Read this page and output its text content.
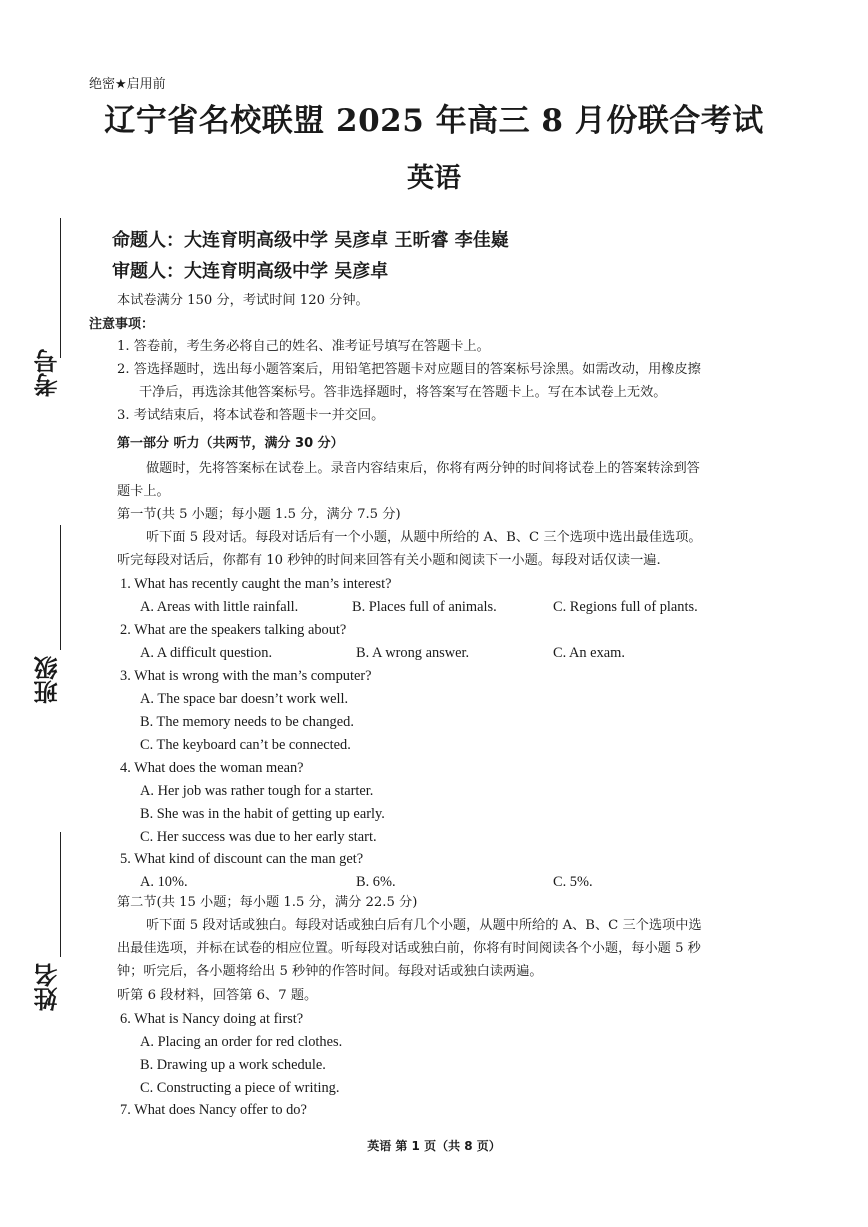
考号
班级
姓名
绝密★启用前
辽宁省名校联盟 2025 年高三 8 月份联合考试
英语
命题人：大连育明高级中学 吴彦卓 王昕睿 李佳嶷
审题人：大连育明高级中学 吴彦卓
本试卷满分 150 分，考试时间 120 分钟。
注意事项：
1. 答卷前，考生务必将自己的姓名、准考证号填写在答题卡上。
2. 答选择题时，选出每小题答案后，用铅笔把答题卡对应题目的答案标号涂黑。如需改动，用橡皮擦
干净后，再选涂其他答案标号。答非选择题时，将答案写在答题卡上。写在本试卷上无效。
3. 考试结束后，将本试卷和答题卡一并交回。
第一部分 听力（共两节，满分 30 分）
做题时，先将答案标在试卷上。录音内容结束后，你将有两分钟的时间将试卷上的答案转涂到答
题卡上。
第一节(共 5 小题；每小题 1.5 分，满分 7.5 分)
听下面 5 段对话。每段对话后有一个小题，从题中所给的 A、B、C 三个选项中选出最佳选项。
听完每段对话后，你都有 10 秒钟的时间来回答有关小题和阅读下一小题。每段对话仅读一遍.
1. What has recently caught the man’s interest?
A. Areas with little rainfall.	B. Places full of animals.	C. Regions full of plants.
2. What are the speakers talking about?
A. A difficult question.	B. A wrong answer.	C. An exam.
3. What is wrong with the man’s computer?
A. The space bar doesn’t work well.
B. The memory needs to be changed.
C. The keyboard can’t be connected.
4. What does the woman mean?
A. Her job was rather tough for a starter.
B. She was in the habit of getting up early.
C. Her success was due to her early start.
5. What kind of discount can the man get?
A. 10%.	B. 6%.	C. 5%.
第二节(共 15 小题；每小题 1.5 分，满分 22.5 分)
听下面 5 段对话或独白。每段对话或独白后有几个小题，从题中所给的 A、B、C 三个选项中选
出最佳选项，并标在试卷的相应位置。听每段对话或独白前，你将有时间阅读各个小题，每小题 5 秒
钟；听完后，各小题将给出 5 秒钟的作答时间。每段对话或独白读两遍。
听第 6 段材料，回答第 6、7 题。
6. What is Nancy doing at first?
A. Placing an order for red clothes.
B. Drawing up a work schedule.
C. Constructing a piece of writing.
7. What does Nancy offer to do?
英语 第 1 页（共 8 页）
